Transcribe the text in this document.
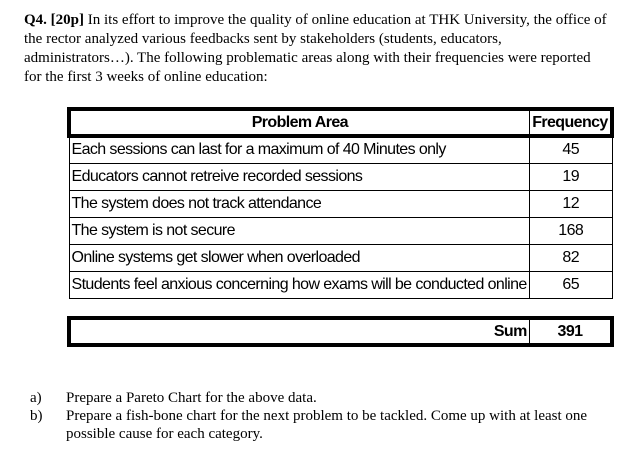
Q4. [20p] In its effort to improve the quality of online education at THK University, the office of the rector analyzed various feedbacks sent by stakeholders (students, educators, administrators…). The following problematic areas along with their frequencies were reported for the first 3 weeks of online education:

Problem Area	Frequency
Each sessions can last for a maximum of 40 Minutes only	45
Educators cannot retreive recorded sessions	19
The system does not track attendance	12
The system is not secure	168
Online systems get slower when overloaded	82
Students feel anxious concerning how exams will be conducted online	65

Sum	391
a)	Prepare a Pareto Chart for the above data.
b)	Prepare a fish-bone chart for the next problem to be tackled. Come up with at least one possible cause for each category.
